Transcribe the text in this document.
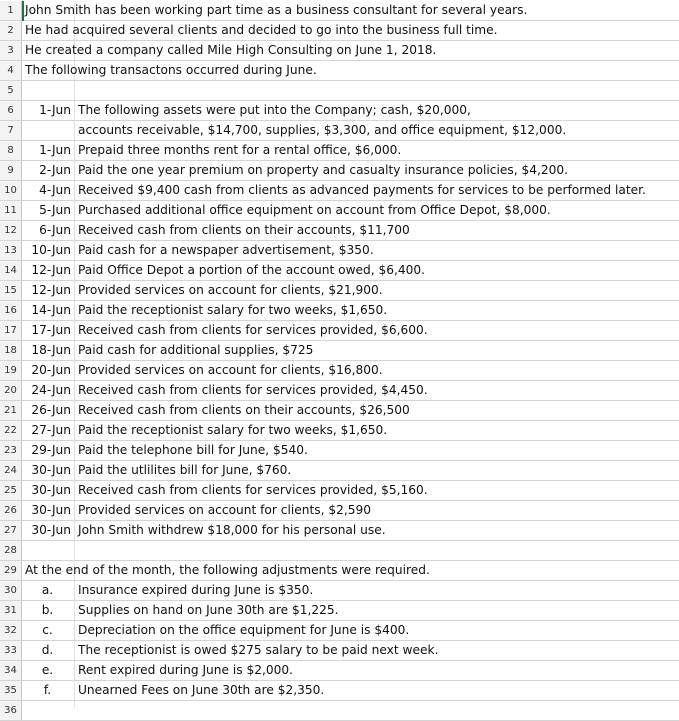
1 John Smith has been working part time as a business consultant for several years.
2 He had acquired several clients and decided to go into the business full time.
3 He created a company called Mile High Consulting on June 1, 2018.
4 The following transactons occurred during June.
5
6	1-Jun The following assets were put into the Company; cash, $20,000,
7	accounts receivable, $14,700, supplies, $3,300, and office equipment, $12,000.
8	1-Jun Prepaid three months rent for a rental office, $6,000.
9	2-Jun Paid the one year premium on property and casualty insurance policies, $4,200.
10	4-Jun Received $9,400 cash from clients as advanced payments for services to be performed later.
11	5-Jun Purchased additional office equipment on account from Office Depot, $8,000.
12	6-Jun Received cash from clients on their accounts, $11,700
13	10-Jun Paid cash for a newspaper advertisement, $350.
14	12-Jun Paid Office Depot a portion of the account owed, $6,400.
15	12-Jun Provided services on account for clients, $21,900.
16	14-Jun Paid the receptionist salary for two weeks, $1,650.
17	17-Jun Received cash from clients for services provided, $6,600.
18	18-Jun Paid cash for additional supplies, $725
19	20-Jun Provided services on account for clients, $16,800.
20	24-Jun Received cash from clients for services provided, $4,450.
21	26-Jun Received cash from clients on their accounts, $26,500
22	27-Jun Paid the receptionist salary for two weeks, $1,650.
23	29-Jun Paid the telephone bill for June, $540.
24	30-Jun Paid the utlilites bill for June, $760.
25	30-Jun Received cash from clients for services provided, $5,160.
26	30-Jun Provided services on account for clients, $2,590
27	30-Jun John Smith withdrew $18,000 for his personal use.
28
29 At the end of the month, the following adjustments were required.
30	a.	Insurance expired during June is $350.
31	b.	Supplies on hand on June 30th are $1,225.
32	c.	Depreciation on the office equipment for June is $400.
33	d.	The receptionist is owed $275 salary to be paid next week.
34	e.	Rent expired during June is $2,000.
35	f.	Unearned Fees on June 30th are $2,350.
36
